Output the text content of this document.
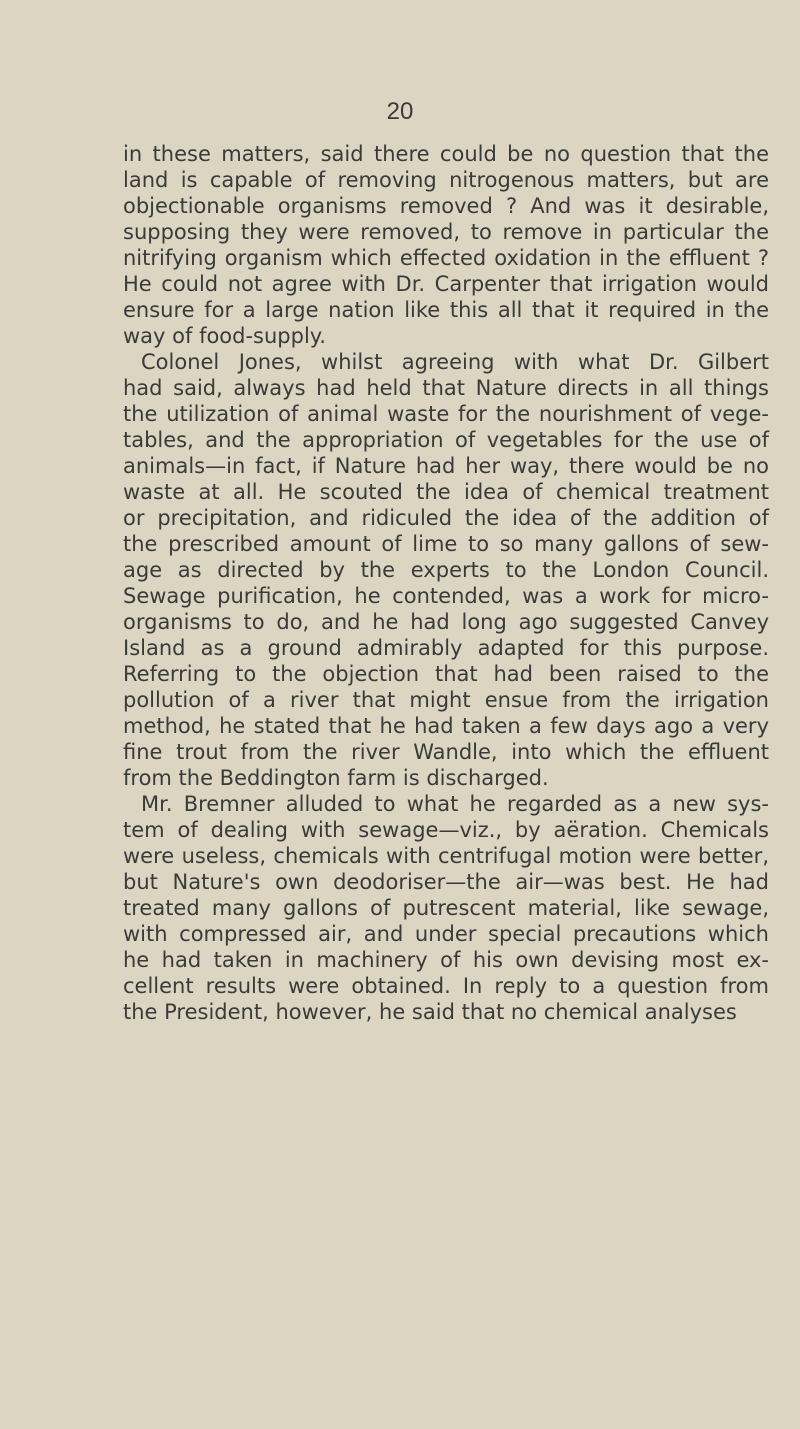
20
in these matters, said there could be no question that the
land is capable of removing nitrogenous matters, but are
objectionable organisms removed ? And was it desirable,
supposing they were removed, to remove in particular the
nitrifying organism which effected oxidation in the effluent ?
He could not agree with Dr. Carpenter that irrigation would
ensure for a large nation like this all that it required in the
way of food-supply.
Colonel Jones, whilst agreeing with what Dr. Gilbert
had said, always had held that Nature directs in all things
the utilization of animal waste for the nourishment of vege-
tables, and the appropriation of vegetables for the use of
animals—in fact, if Nature had her way, there would be no
waste at all. He scouted the idea of chemical treatment
or precipitation, and ridiculed the idea of the addition of
the prescribed amount of lime to so many gallons of sew-
age as directed by the experts to the London Council.
Sewage purification, he contended, was a work for micro-
organisms to do, and he had long ago suggested Canvey
Island as a ground admirably adapted for this purpose.
Referring to the objection that had been raised to the
pollution of a river that might ensue from the irrigation
method, he stated that he had taken a few days ago a very
fine trout from the river Wandle, into which the effluent
from the Beddington farm is discharged.
Mr. Bremner alluded to what he regarded as a new sys-
tem of dealing with sewage—viz., by aëration. Chemicals
were useless, chemicals with centrifugal motion were better,
but Nature's own deodoriser—the air—was best. He had
treated many gallons of putrescent material, like sewage,
with compressed air, and under special precautions which
he had taken in machinery of his own devising most ex-
cellent results were obtained. In reply to a question from
the President, however, he said that no chemical analyses
